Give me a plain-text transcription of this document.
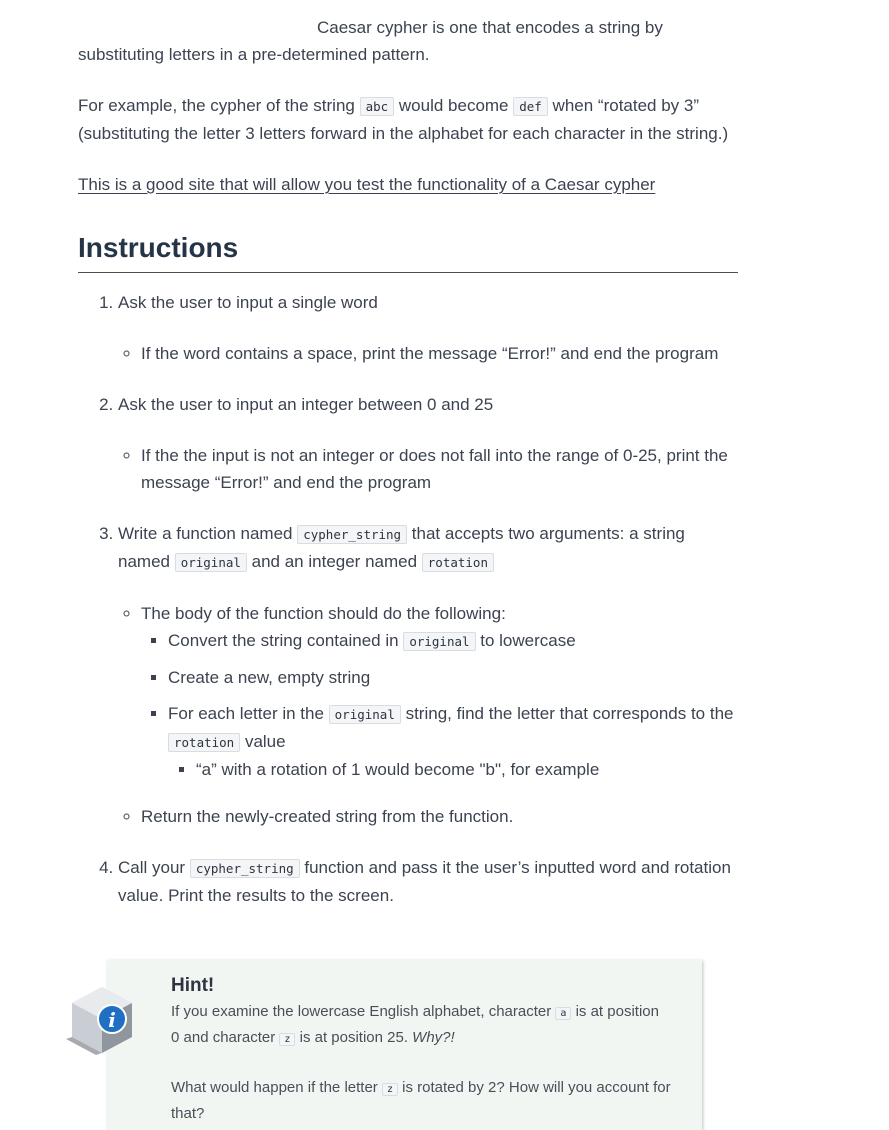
Caesar cypher is one that encodes a string by substituting letters in a pre-determined pattern.

For example, the cypher of the string abc would become def when “rotated by 3” (substituting the letter 3 letters forward in the alphabet for each character in the string.)

This is a good site that will allow you test the functionality of a Caesar cypher

Instructions
1. Ask the user to input a single word
◦ If the word contains a space, print the message “Error!” and end the program
2. Ask the user to input an integer between 0 and 25
◦ If the the input is not an integer or does not fall into the range of 0-25, print the message “Error!” and end the program
3. Write a function named cypher_string that accepts two arguments: a string named original and an integer named rotation
◦ The body of the function should do the following:
▪ Convert the string contained in original to lowercase
▪ Create a new, empty string
▪ For each letter in the original string, find the letter that corresponds to the rotation value
▪ “a” with a rotation of 1 would become "b", for example
◦ Return the newly-created string from the function.
4. Call your cypher_string function and pass it the user’s inputted word and rotation value. Print the results to the screen.
Hint!

If you examine the lowercase English alphabet, character a is at position 0 and character z is at position 25. Why?!

What would happen if the letter z is rotated by 2? How will you account for that?

i
